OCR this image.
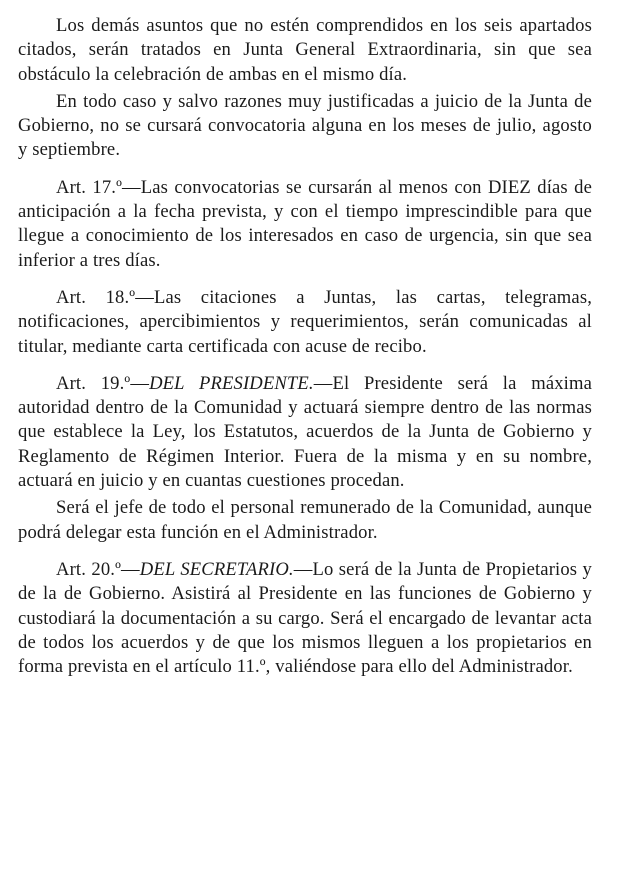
Los demás asuntos que no estén comprendidos en los seis apartados citados, serán tratados en Junta General Extraordinaria, sin que sea obstáculo la celebración de ambas en el mismo día.

En todo caso y salvo razones muy justificadas a juicio de la Junta de Gobierno, no se cursará convocatoria alguna en los meses de julio, agosto y septiembre.

Art. 17.º—Las convocatorias se cursarán al menos con DIEZ días de anticipación a la fecha prevista, y con el tiempo imprescindible para que llegue a conocimiento de los interesados en caso de urgencia, sin que sea inferior a tres días.

Art. 18.º—Las citaciones a Juntas, las cartas, telegramas, notificaciones, apercibimientos y requerimientos, serán comunicadas al titular, mediante carta certificada con acuse de recibo.

Art. 19.º—DEL PRESIDENTE.—El Presidente será la máxima autoridad dentro de la Comunidad y actuará siempre dentro de las normas que establece la Ley, los Estatutos, acuerdos de la Junta de Gobierno y Reglamento de Régimen Interior. Fuera de la misma y en su nombre, actuará en juicio y en cuantas cuestiones procedan.

Será el jefe de todo el personal remunerado de la Comunidad, aunque podrá delegar esta función en el Administrador.

Art. 20.º—DEL SECRETARIO.—Lo será de la Junta de Propietarios y de la de Gobierno. Asistirá al Presidente en las funciones de Gobierno y custodiará la documentación a su cargo. Será el encargado de levantar acta de todos los acuerdos y de que los mismos lleguen a los propietarios en forma prevista en el artículo 11.º, valiéndose para ello del Administrador.
